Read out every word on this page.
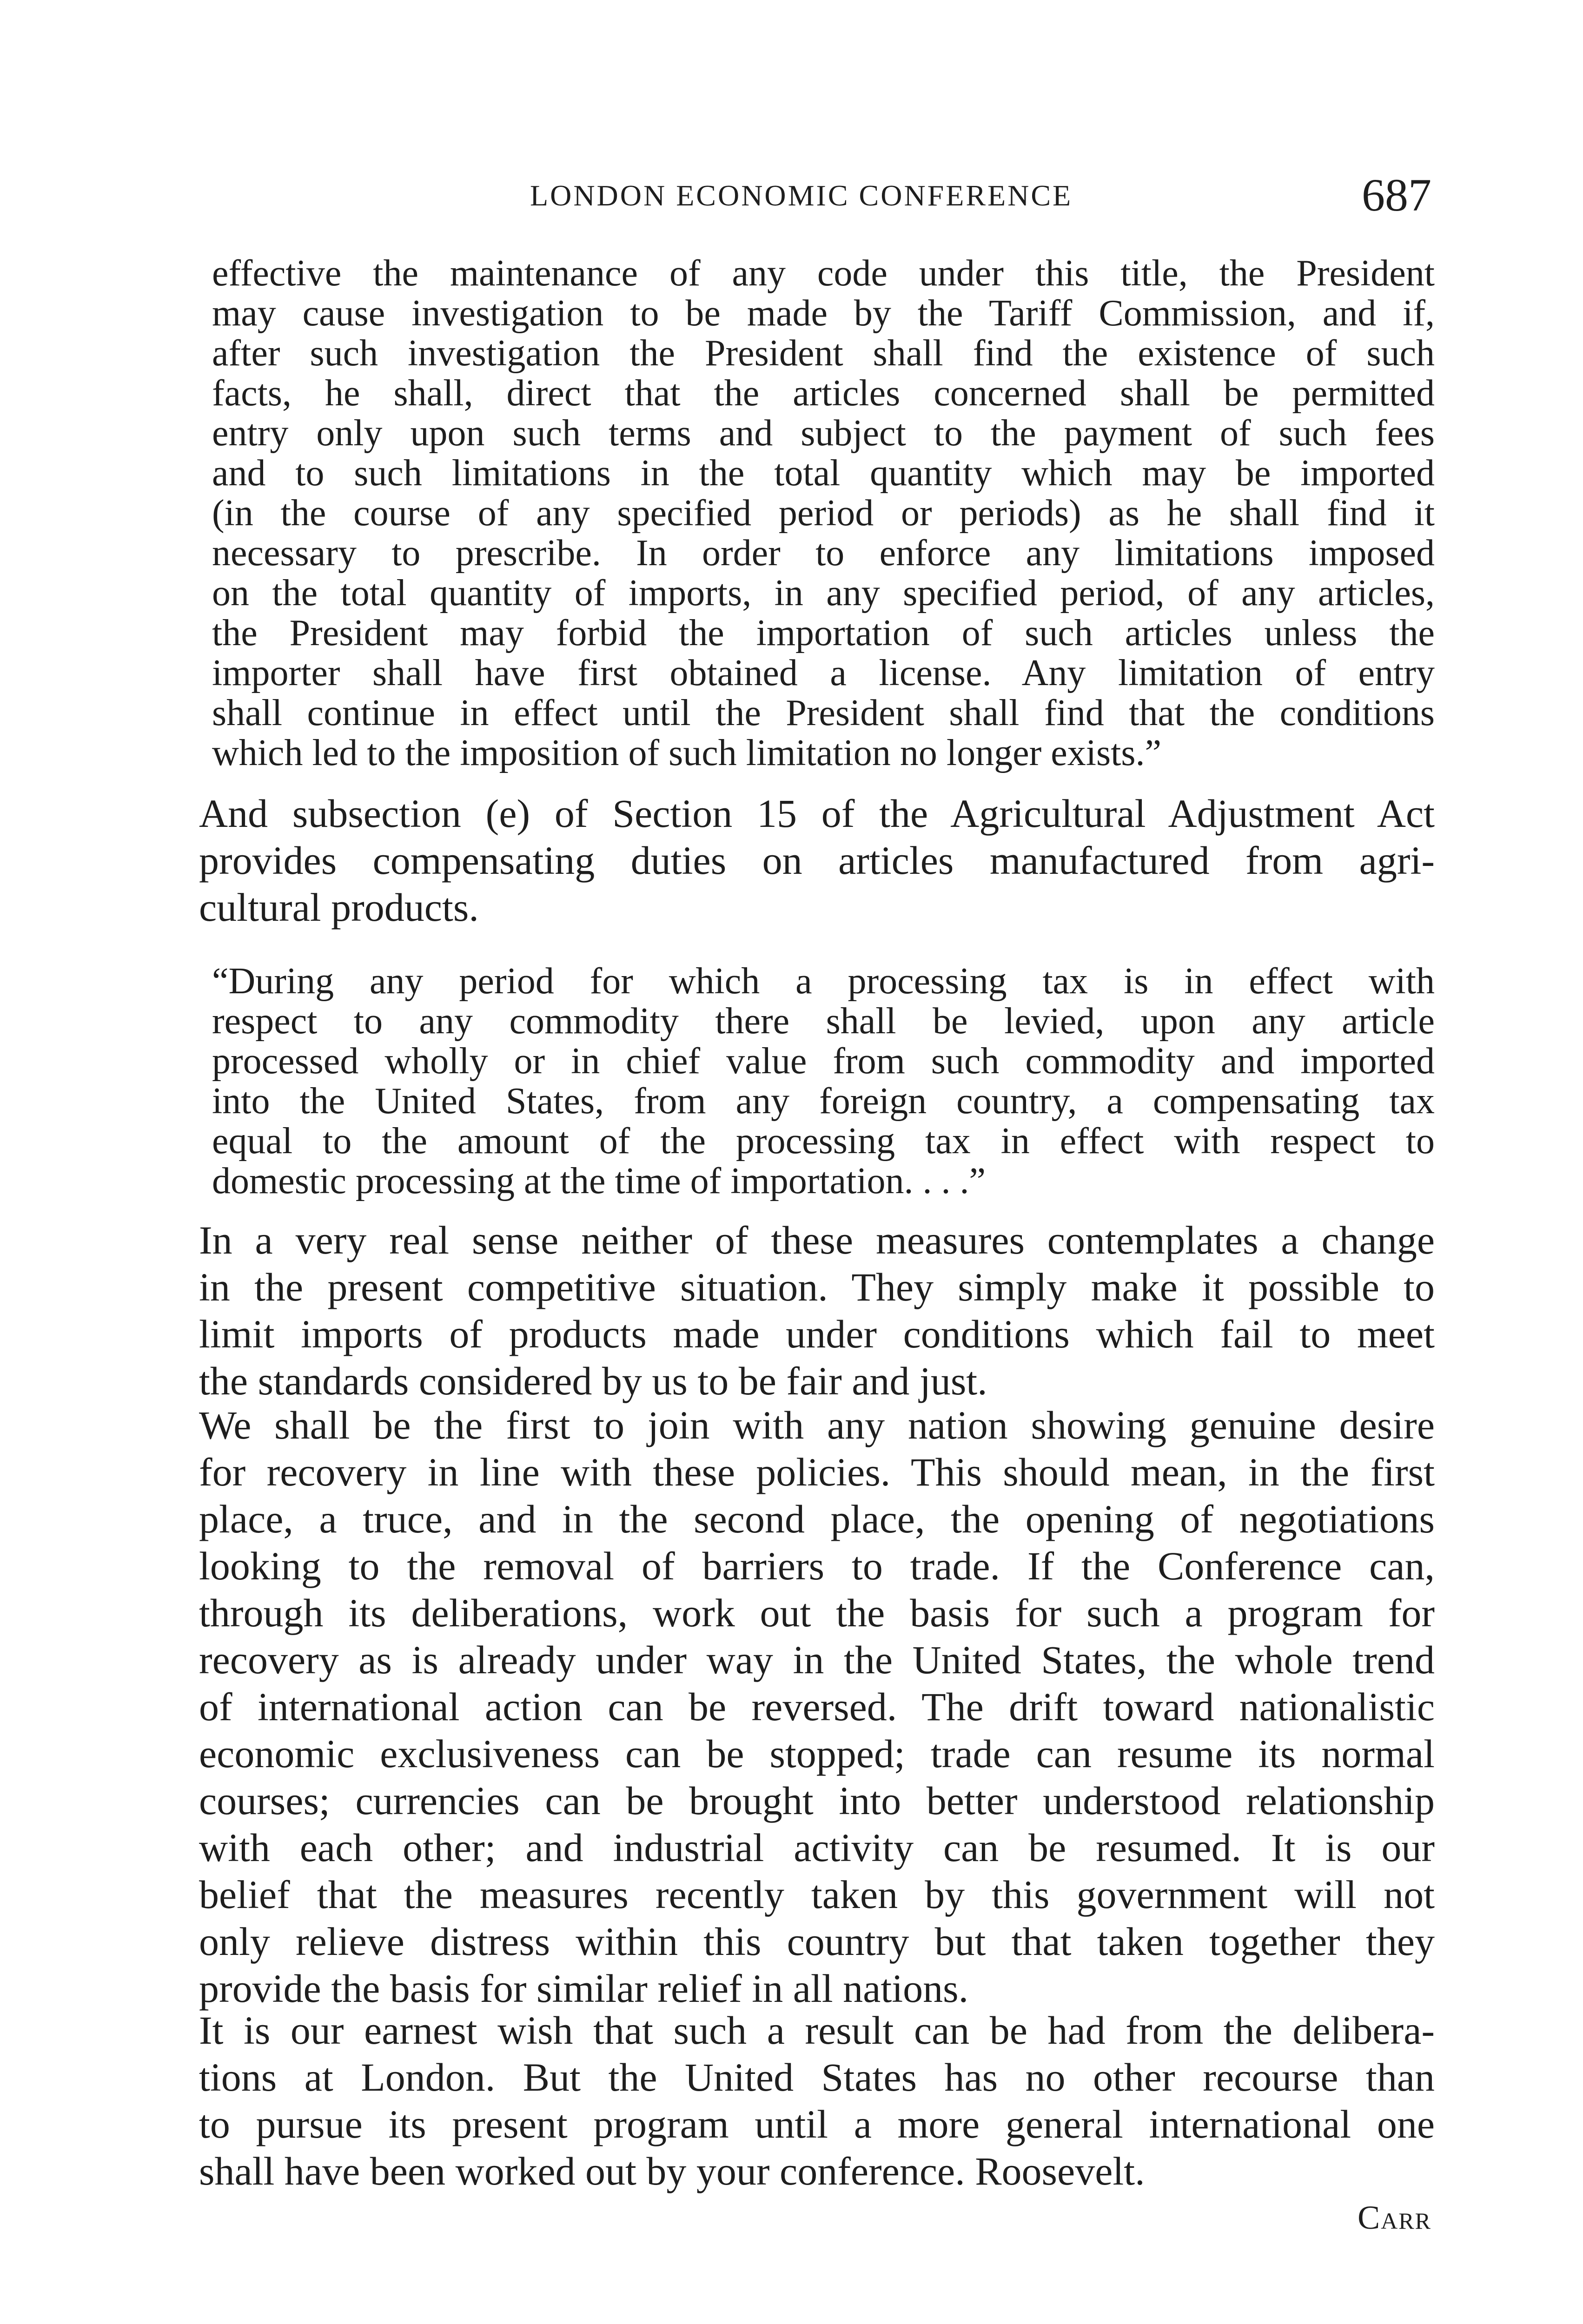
LONDON ECONOMIC CONFERENCE	687
effective the maintenance of any code under this title, the President
may cause investigation to be made by the Tariff Commission, and if,
after such investigation the President shall find the existence of such
facts, he shall, direct that the articles concerned shall be permitted
entry only upon such terms and subject to the payment of such fees
and to such limitations in the total quantity which may be imported
(in the course of any specified period or periods) as he shall find it
necessary to prescribe. In order to enforce any limitations imposed
on the total quantity of imports, in any specified period, of any articles,
the President may forbid the importation of such articles unless the
importer shall have first obtained a license. Any limitation of entry
shall continue in effect until the President shall find that the conditions
which led to the imposition of such limitation no longer exists.”
And subsection (e) of Section 15 of the Agricultural Adjustment Act
provides compensating duties on articles manufactured from agri-
cultural products.
“During any period for which a processing tax is in effect with
respect to any commodity there shall be levied, upon any article
processed wholly or in chief value from such commodity and imported
into the United States, from any foreign country, a compensating tax
equal to the amount of the processing tax in effect with respect to
domestic processing at the time of importation. . . .”
In a very real sense neither of these measures contemplates a change
in the present competitive situation. They simply make it possible to
limit imports of products made under conditions which fail to meet
the standards considered by us to be fair and just.
We shall be the first to join with any nation showing genuine desire
for recovery in line with these policies. This should mean, in the first
place, a truce, and in the second place, the opening of negotiations
looking to the removal of barriers to trade. If the Conference can,
through its deliberations, work out the basis for such a program for
recovery as is already under way in the United States, the whole trend
of international action can be reversed. The drift toward nationalistic
economic exclusiveness can be stopped; trade can resume its normal
courses; currencies can be brought into better understood relationship
with each other; and industrial activity can be resumed. It is our
belief that the measures recently taken by this government will not
only relieve distress within this country but that taken together they
provide the basis for similar relief in all nations.
It is our earnest wish that such a result can be had from the delibera-
tions at London. But the United States has no other recourse than
to pursue its present program until a more general international one
shall have been worked out by your conference. Roosevelt.
Carr
